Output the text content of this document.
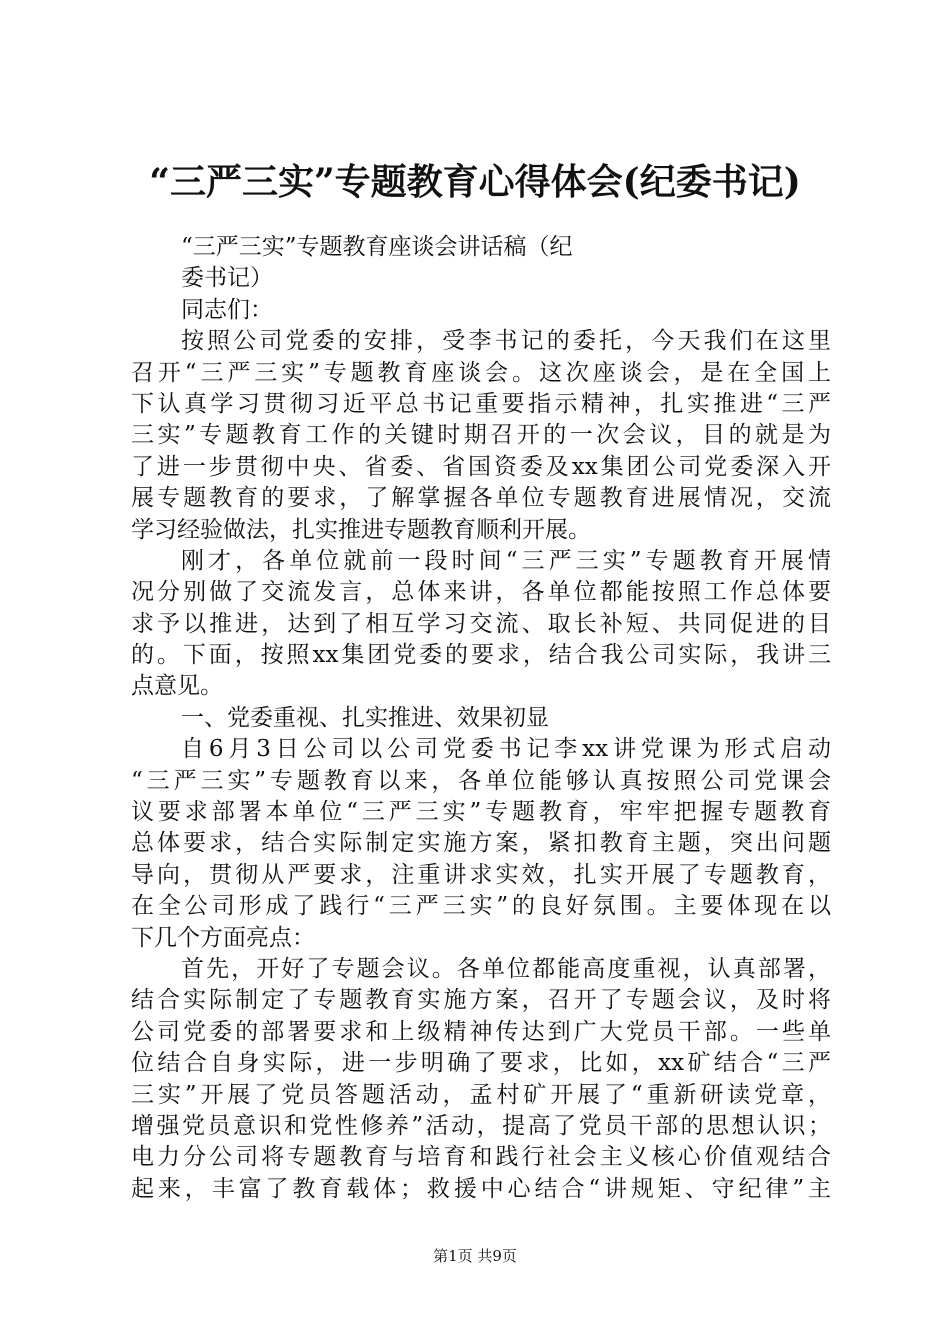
“三严三实”专题教育心得体会(纪委书记)
“三严三实”专题教育座谈会讲话稿（纪
委书记）
同志们：
按照公司党委的安排，受李书记的委托，今天我们在这里
召开“三严三实”专题教育座谈会。这次座谈会，是在全国上
下认真学习贯彻习近平总书记重要指示精神，扎实推进“三严
三实”专题教育工作的关键时期召开的一次会议，目的就是为
了进一步贯彻中央、省委、省国资委及xx集团公司党委深入开
展专题教育的要求，了解掌握各单位专题教育进展情况，交流
学习经验做法，扎实推进专题教育顺利开展。
刚才，各单位就前一段时间“三严三实”专题教育开展情
况分别做了交流发言，总体来讲，各单位都能按照工作总体要
求予以推进，达到了相互学习交流、取长补短、共同促进的目
的。下面，按照xx集团党委的要求，结合我公司实际，我讲三
点意见。
一、党委重视、扎实推进、效果初显
自6月3日公司以公司党委书记李xx讲党课为形式启动
“三严三实”专题教育以来，各单位能够认真按照公司党课会
议要求部署本单位“三严三实”专题教育，牢牢把握专题教育
总体要求，结合实际制定实施方案，紧扣教育主题，突出问题
导向，贯彻从严要求，注重讲求实效，扎实开展了专题教育，
在全公司形成了践行“三严三实”的良好氛围。主要体现在以
下几个方面亮点：
首先，开好了专题会议。各单位都能高度重视，认真部署，
结合实际制定了专题教育实施方案，召开了专题会议，及时将
公司党委的部署要求和上级精神传达到广大党员干部。一些单
位结合自身实际，进一步明确了要求，比如，xx矿结合“三严
三实”开展了党员答题活动，孟村矿开展了“重新研读党章，
增强党员意识和党性修养”活动，提高了党员干部的思想认识；
电力分公司将专题教育与培育和践行社会主义核心价值观结合
起来，丰富了教育载体；救援中心结合“讲规矩、守纪律”主
第1页 共9页
